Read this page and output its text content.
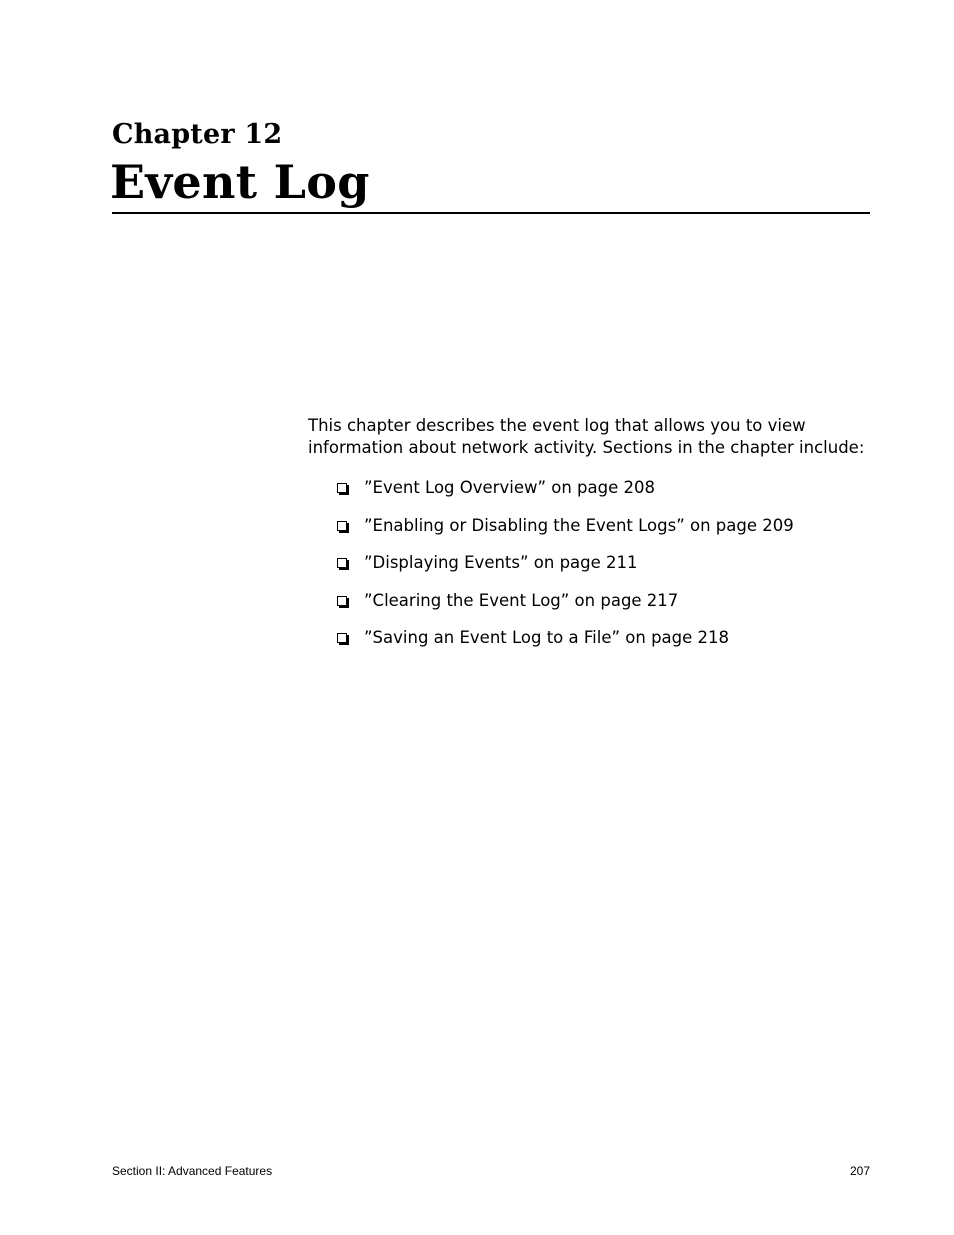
Chapter 12
Event Log

This chapter describes the event log that allows you to view information about network activity. Sections in the chapter include:

”Event Log Overview” on page 208
”Enabling or Disabling the Event Logs” on page 209
”Displaying Events” on page 211
”Clearing the Event Log” on page 217
”Saving an Event Log to a File” on page 218
Section II: Advanced Features	207
